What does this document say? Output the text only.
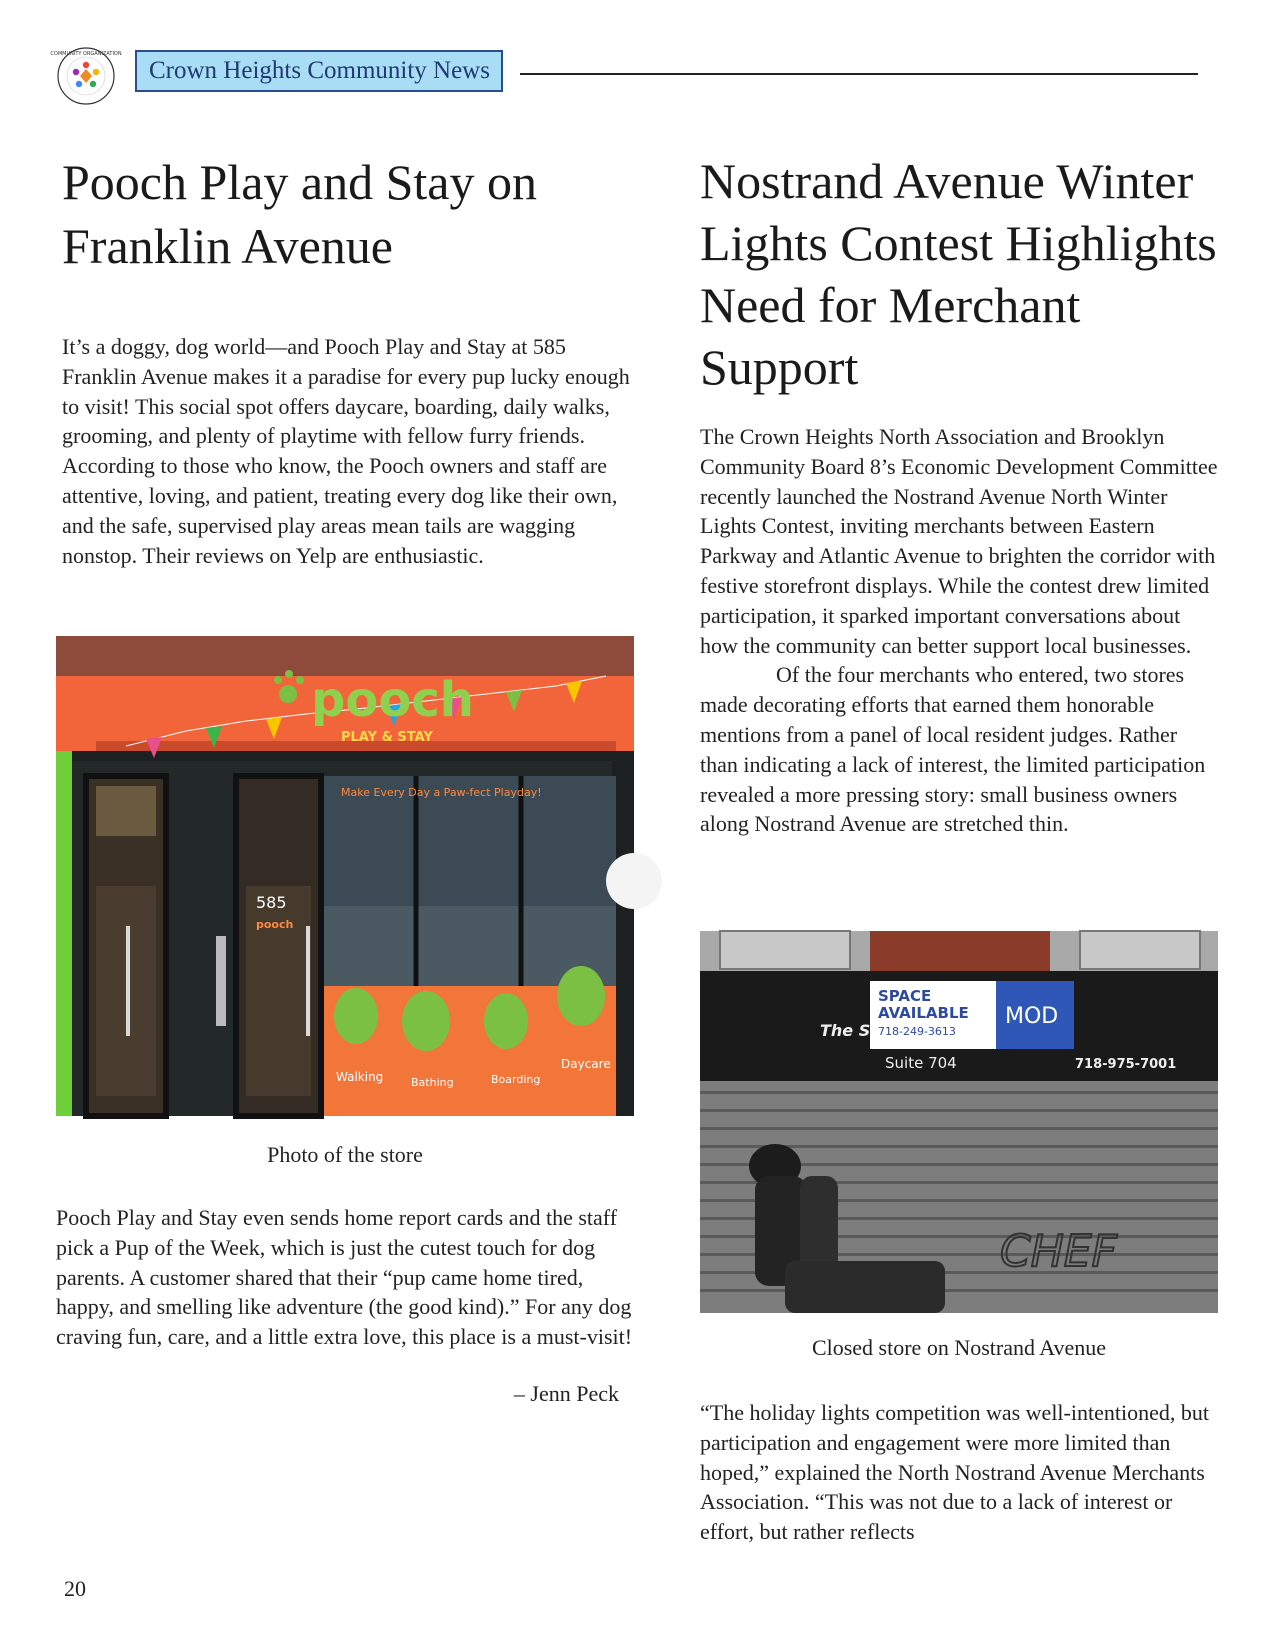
COMMUNITY ORGANIZATION
Crown Heights Community News
Pooch Play and Stay on Franklin Avenue

It’s a doggy, dog world—and Pooch Play and Stay at 585 Franklin Avenue makes it a paradise for every pup lucky enough to visit! This social spot offers daycare, boarding, daily walks, grooming, and plenty of playtime with fellow furry friends. According to those who know, the Pooch owners and staff are attentive, loving, and patient, treating every dog like their own, and the safe, supervised play areas mean tails are wagging nonstop. Their reviews on Yelp are enthusiastic.

pooch
PLAY & STAY
585
pooch
Make Every Day a Paw-fect Playday!
Walking	Bathing	Boarding
Daycare

Photo of the store

Pooch Play and Stay even sends home report cards and the staff pick a Pup of the Week, which is just the cutest touch for dog parents. A customer shared that their “pup came home tired, happy, and smelling like adventure (the good kind).” For any dog craving fun, care, and a little extra love, this place is a must-visit!

– Jenn Peck
Nostrand Avenue Winter Lights Contest Highlights Need for Merchant Support

The Crown Heights North Association and Brooklyn Community Board 8’s Economic Development Committee recently launched the Nostrand Avenue North Winter Lights Contest, inviting merchants between Eastern Parkway and Atlantic Avenue to brighten the corridor with festive storefront displays. While the contest drew limited participation, it sparked important conversations about how the community can better support local businesses.
Of the four merchants who entered, two stores made decorating efforts that earned them honorable mentions from a panel of local resident judges. Rather than indicating a lack of interest, the limited participation revealed a more pressing story: small business owners along Nostrand Avenue are stretched thin.

SPACE
AVAILABLE
718-249-3613
MOD
The S
Suite 704	718-975-7001
CHEF

Closed store on Nostrand Avenue

“The holiday lights competition was well-intentioned, but participation and engagement were more limited than hoped,” explained the North Nostrand Avenue Merchants Association. “This was not due to a lack of interest or effort, but rather reflects

20
